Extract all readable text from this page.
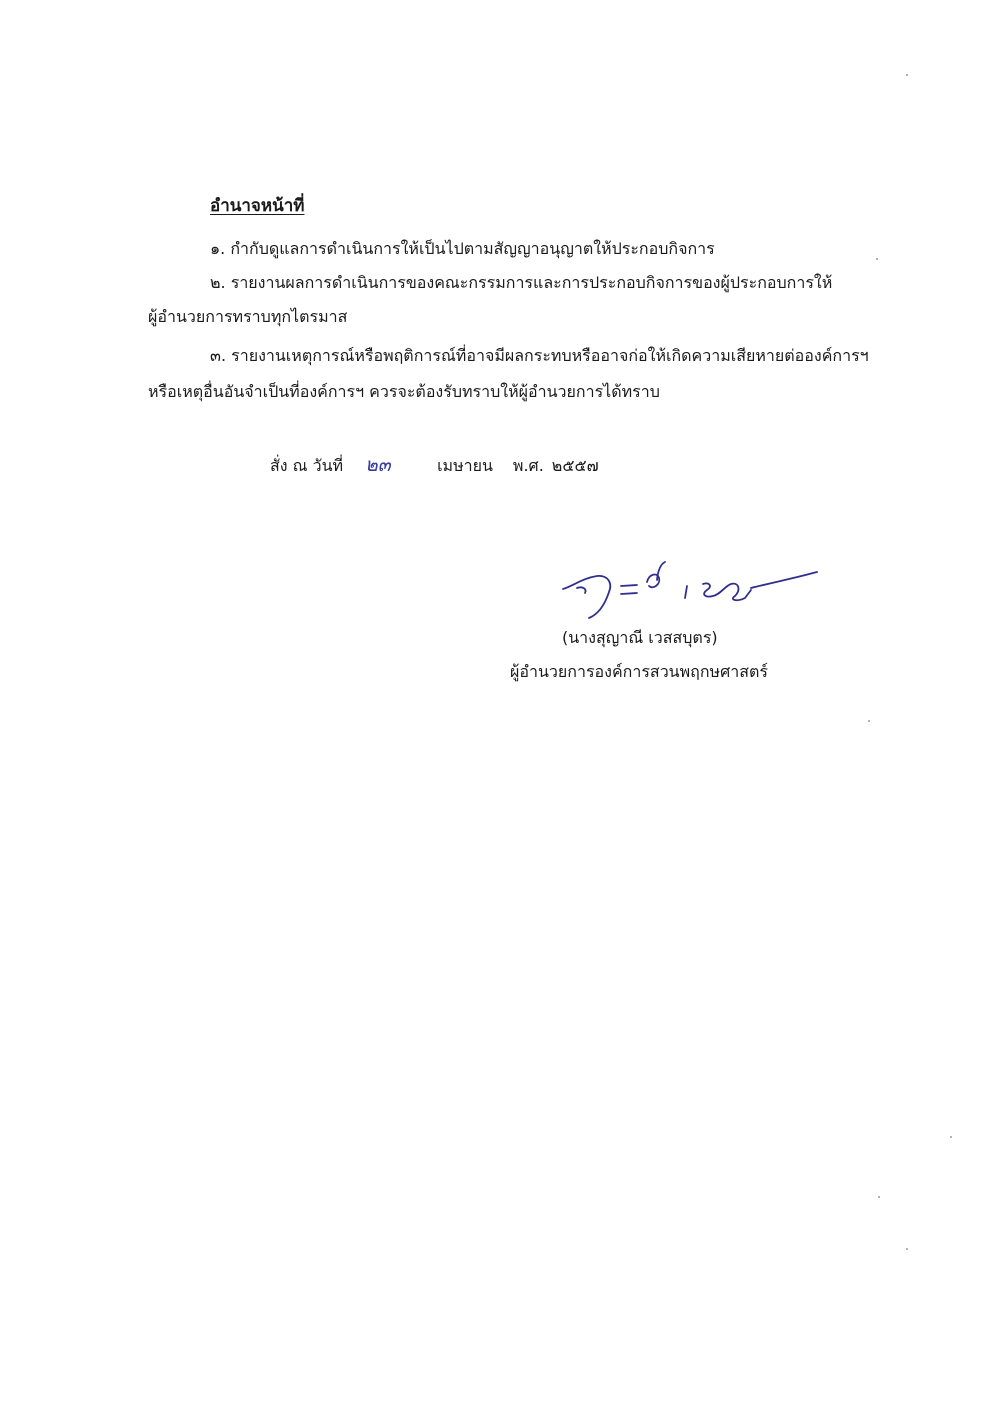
อำนาจหน้าที่
๑. กำกับดูแลการดำเนินการให้เป็นไปตามสัญญาอนุญาตให้ประกอบกิจการ
๒. รายงานผลการดำเนินการของคณะกรรมการและการประกอบกิจการของผู้ประกอบการให้
ผู้อำนวยการทราบทุกไตรมาส
๓. รายงานเหตุการณ์หรือพฤติการณ์ที่อาจมีผลกระทบหรืออาจก่อให้เกิดความเสียหายต่อองค์การฯ
หรือเหตุอื่นอันจำเป็นที่องค์การฯ ควรจะต้องรับทราบให้ผู้อำนวยการได้ทราบ
สั่ง ณ วันที่	๒๓	เมษายน พ.ศ. ๒๕๕๗
(นางสุญาณี เวสสบุตร)
ผู้อำนวยการองค์การสวนพฤกษศาสตร์
